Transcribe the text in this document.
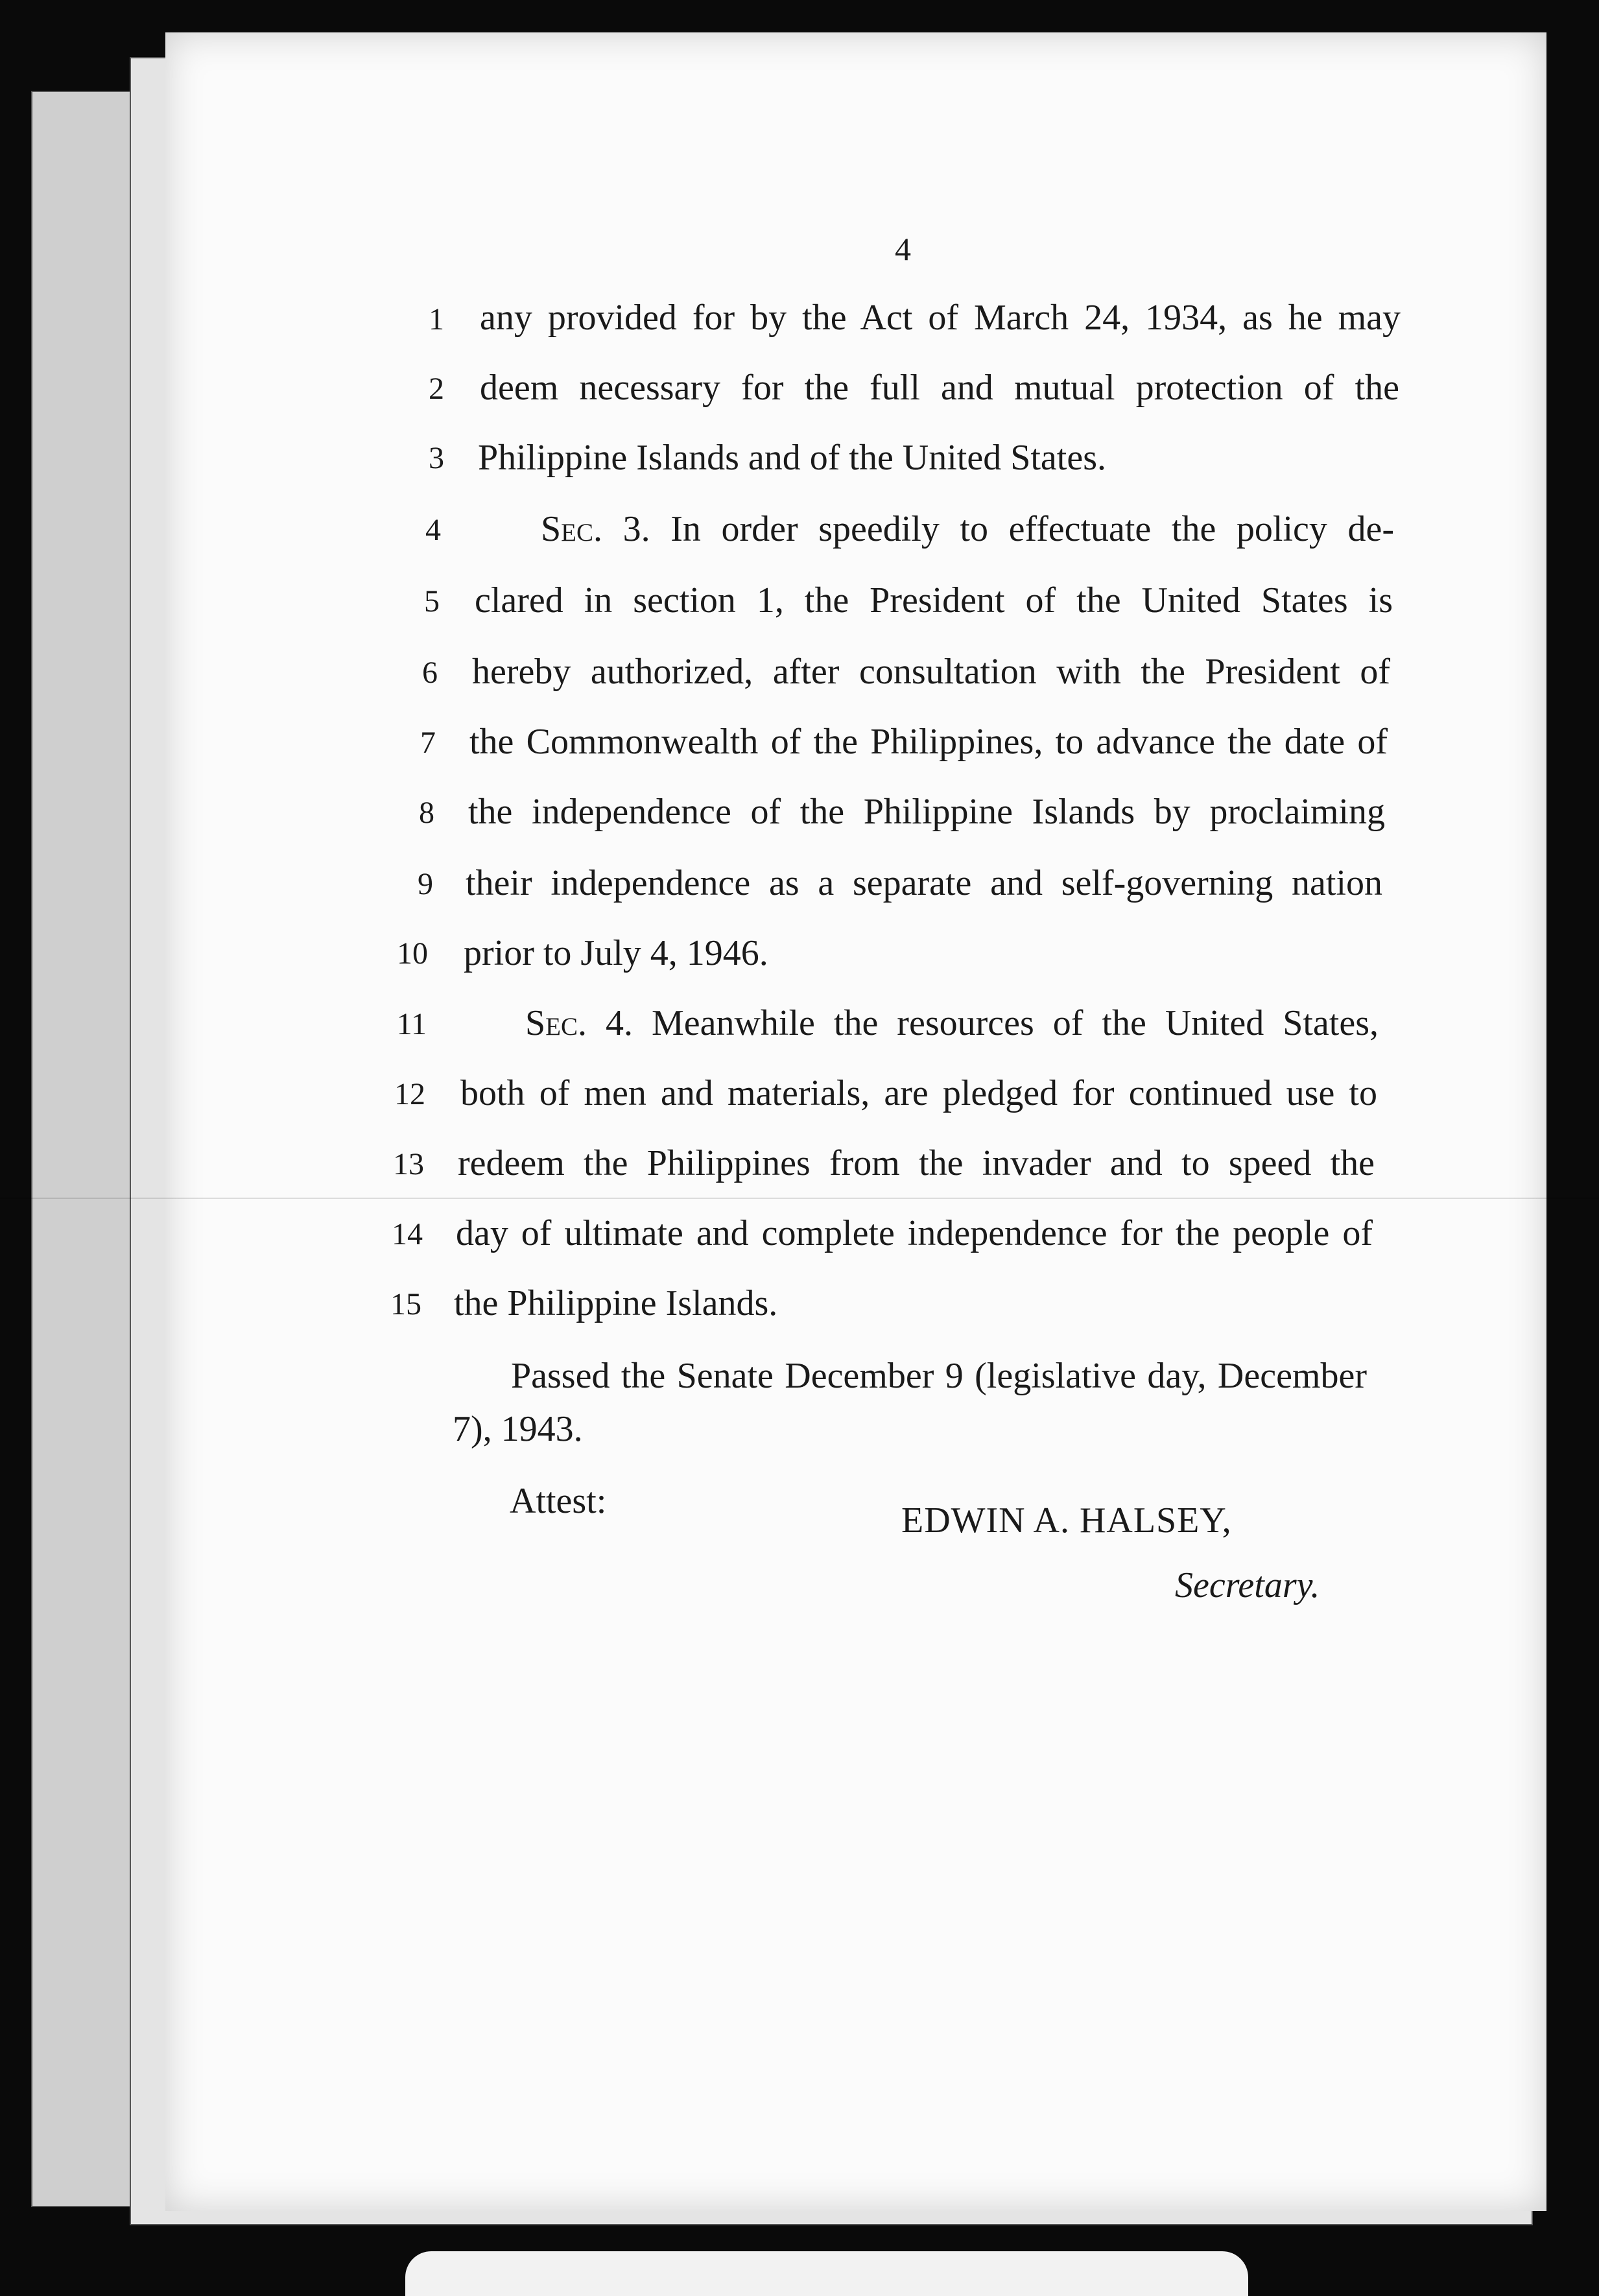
4
1
2
3
4
5
6
7
8
9
10
11
12
13
14
15
any provided for by the Act of March 24, 1934, as he may
deem necessary for the full and mutual protection of the
Philippine Islands and of the United States.
Sec. 3. In order speedily to effectuate the policy de-
clared in section 1, the President of the United States is
hereby authorized, after consultation with the President of
the Commonwealth of the Philippines, to advance the date of
the independence of the Philippine Islands by proclaiming
their independence as a separate and self-governing nation
prior to July 4, 1946.
Sec. 4. Meanwhile the resources of the United States,
both of men and materials, are pledged for continued use to
redeem the Philippines from the invader and to speed the
day of ultimate and complete independence for the people of
the Philippine Islands.
Passed the Senate December 9 (legislative day, December
7), 1943.
Attest:	EDWIN A. HALSEY,
Secretary.
